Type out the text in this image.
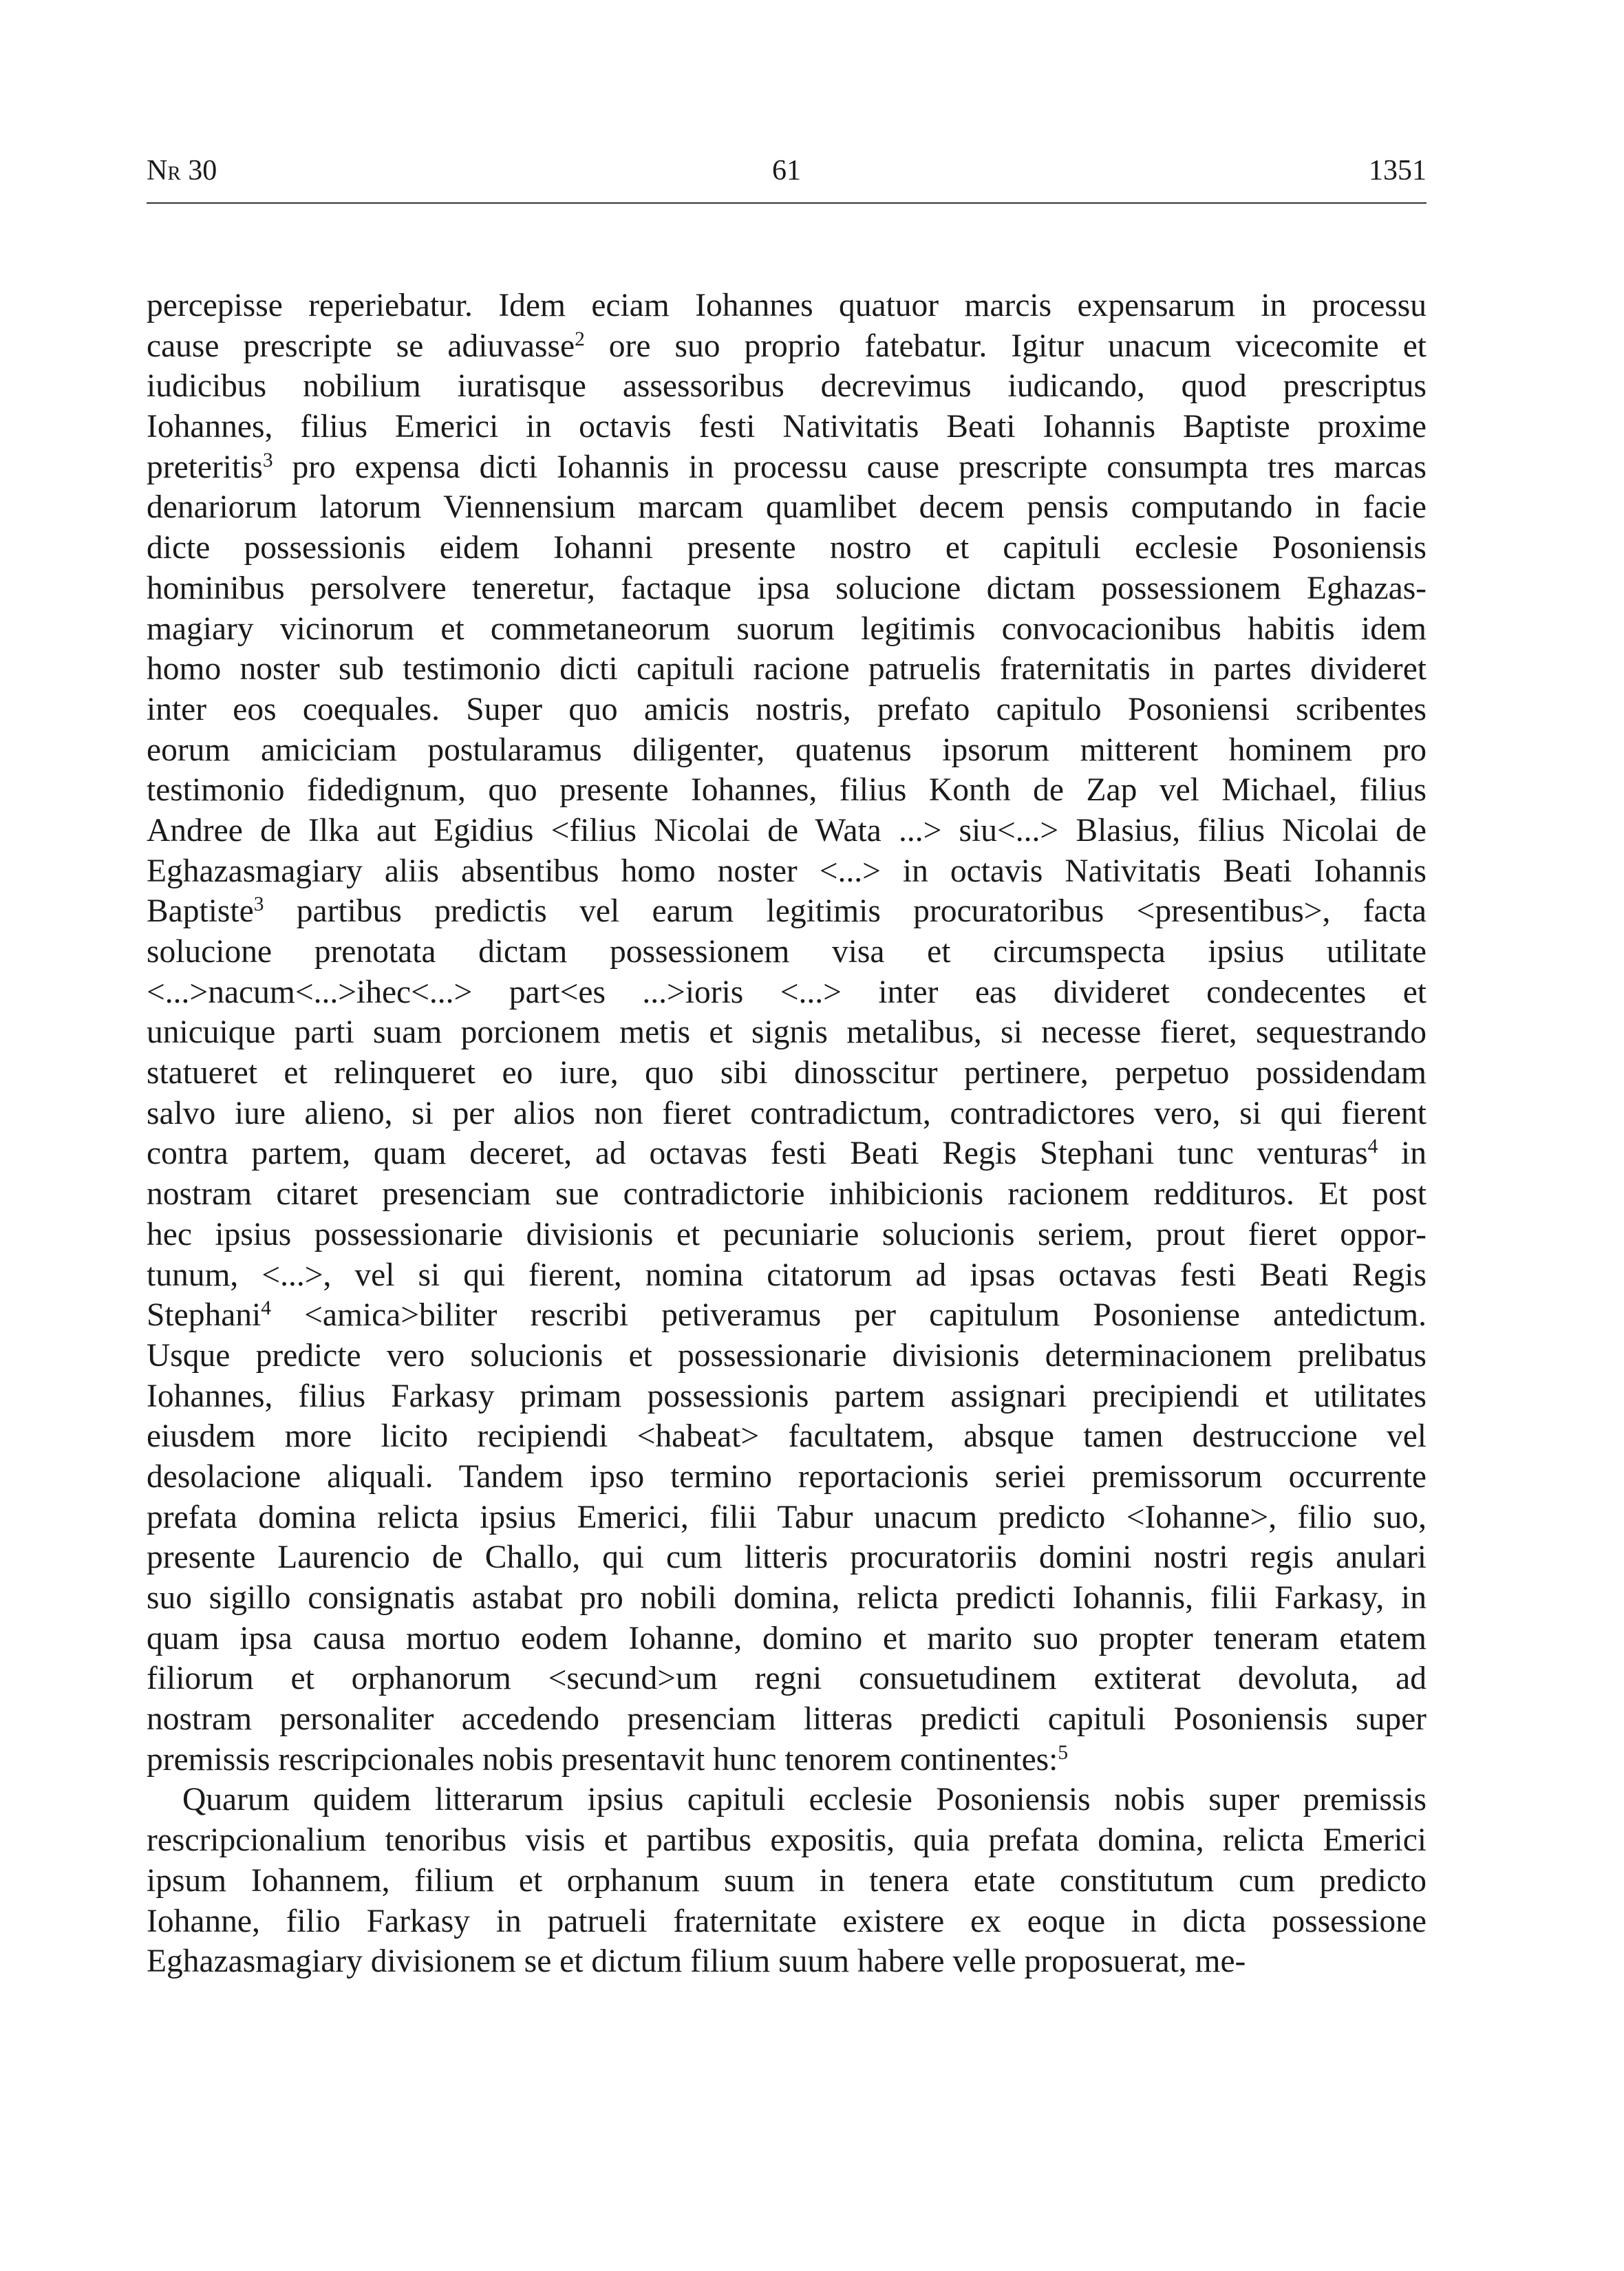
Nr 30	61	1351
percepisse reperiebatur. Idem eciam Iohannes quatuor marcis expensarum in processu
cause prescripte se adiuvasse$^2$ ore suo proprio fatebatur. Igitur unacum vicecomite et
iudicibus nobilium iuratisque assessoribus decrevimus iudicando, quod prescriptus
Iohannes, filius Emerici in octavis festi Nativitatis Beati Iohannis Baptiste proxime
preteritis$^3$ pro expensa dicti Iohannis in processu cause prescripte consumpta tres marcas
denariorum latorum Viennensium marcam quamlibet decem pensis computando in facie
dicte possessionis eidem Iohanni presente nostro et capituli ecclesie Posoniensis
hominibus persolvere teneretur, factaque ipsa solucione dictam possessionem Eghazas-
magiary vicinorum et commetaneorum suorum legitimis convocacionibus habitis idem
homo noster sub testimonio dicti capituli racione patruelis fraternitatis in partes divideret
inter eos coequales. Super quo amicis nostris, prefato capitulo Posoniensi scribentes
eorum amiciciam postularamus diligenter, quatenus ipsorum mitterent hominem pro
testimonio fidedignum, quo presente Iohannes, filius Konth de Zap vel Michael, filius
Andree de Ilka aut Egidius <filius Nicolai de Wata ...> siu<...> Blasius, filius Nicolai de
Eghazasmagiary aliis absentibus homo noster <...> in octavis Nativitatis Beati Iohannis
Baptiste$^3$ partibus predictis vel earum legitimis procuratoribus <presentibus>, facta
solucione prenotata dictam possessionem visa et circumspecta ipsius utilitate
<...>nacum<...>ihec<...> part<es ...>ioris <...> inter eas divideret condecentes et
unicuique parti suam porcionem metis et signis metalibus, si necesse fieret, sequestrando
statueret et relinqueret eo iure, quo sibi dinosscitur pertinere, perpetuo possidendam
salvo iure alieno, si per alios non fieret contradictum, contradictores vero, si qui fierent
contra partem, quam deceret, ad octavas festi Beati Regis Stephani tunc venturas$^4$ in
nostram citaret presenciam sue contradictorie inhibicionis racionem reddituros. Et post
hec ipsius possessionarie divisionis et pecuniarie solucionis seriem, prout fieret oppor-
tunum, <...>, vel si qui fierent, nomina citatorum ad ipsas octavas festi Beati Regis
Stephani$^4$ <amica>biliter rescribi petiveramus per capitulum Posoniense antedictum.
Usque predicte vero solucionis et possessionarie divisionis determinacionem prelibatus
Iohannes, filius Farkasy primam possessionis partem assignari precipiendi et utilitates
eiusdem more licito recipiendi <habeat> facultatem, absque tamen destruccione vel
desolacione aliquali. Tandem ipso termino reportacionis seriei premissorum occurrente
prefata domina relicta ipsius Emerici, filii Tabur unacum predicto <Iohanne>, filio suo,
presente Laurencio de Challo, qui cum litteris procuratoriis domini nostri regis anulari
suo sigillo consignatis astabat pro nobili domina, relicta predicti Iohannis, filii Farkasy, in
quam ipsa causa mortuo eodem Iohanne, domino et marito suo propter teneram etatem
filiorum et orphanorum <secund>um regni consuetudinem extiterat devoluta, ad
nostram personaliter accedendo presenciam litteras predicti capituli Posoniensis super
premissis rescripcionales nobis presentavit hunc tenorem continentes:$^5$
Quarum quidem litterarum ipsius capituli ecclesie Posoniensis nobis super premissis
rescripcionalium tenoribus visis et partibus expositis, quia prefata domina, relicta Emerici
ipsum Iohannem, filium et orphanum suum in tenera etate constitutum cum predicto
Iohanne, filio Farkasy in patrueli fraternitate existere ex eoque in dicta possessione
Eghazasmagiary divisionem se et dictum filium suum habere velle proposuerat, me-
